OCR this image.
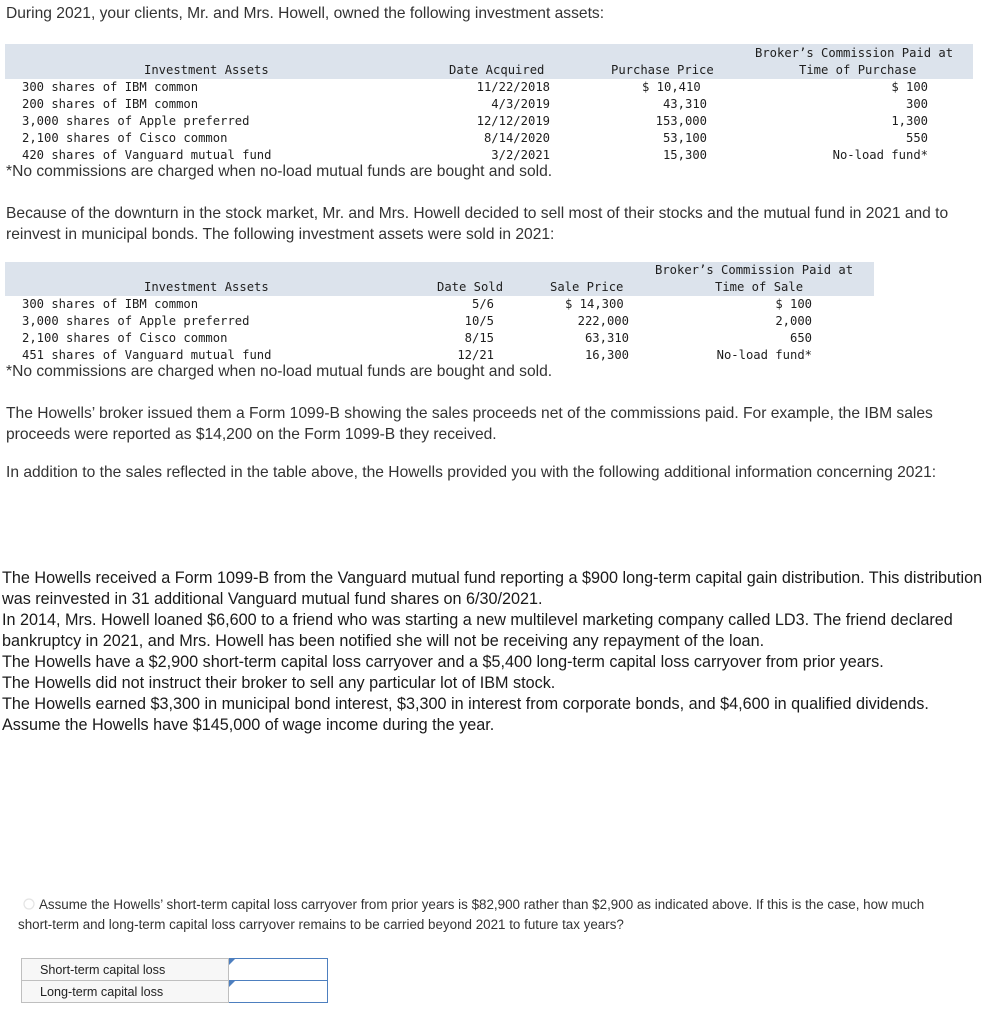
During 2021, your clients, Mr. and Mrs. Howell, owned the following investment assets:
Broker’s Commission Paid at
Investment Assets	Date Acquired	Purchase Price	Time of Purchase
300 shares of IBM common	11/22/2018	$ 10,410	$ 100
200 shares of IBM common	4/3/2019	43,310	300
3,000 shares of Apple preferred	12/12/2019	153,000	1,300
2,100 shares of Cisco common	8/14/2020	53,100	550
420 shares of Vanguard mutual fund	3/2/2021	15,300	No-load fund*
*No commissions are charged when no-load mutual funds are bought and sold.
Because of the downturn in the stock market, Mr. and Mrs. Howell decided to sell most of their stocks and the mutual fund in 2021 and to reinvest in municipal bonds. The following investment assets were sold in 2021:
Broker’s Commission Paid at
Investment Assets	Date Sold	Sale Price	Time of Sale
300 shares of IBM common	5/6	$ 14,300	$ 100
3,000 shares of Apple preferred	10/5	222,000	2,000
2,100 shares of Cisco common	8/15	63,310	650
451 shares of Vanguard mutual fund	12/21	16,300	No-load fund*
*No commissions are charged when no-load mutual funds are bought and sold.
The Howells’ broker issued them a Form 1099-B showing the sales proceeds net of the commissions paid. For example, the IBM sales proceeds were reported as $14,200 on the Form 1099-B they received.
In addition to the sales reflected in the table above, the Howells provided you with the following additional information concerning 2021:

The Howells received a Form 1099-B from the Vanguard mutual fund reporting a $900 long-term capital gain distribution. This distribution was reinvested in 31 additional Vanguard mutual fund shares on 6/30/2021.

In 2014, Mrs. Howell loaned $6,600 to a friend who was starting a new multilevel marketing company called LD3. The friend declared bankruptcy in 2021, and Mrs. Howell has been notified she will not be receiving any repayment of the loan.

The Howells have a $2,900 short-term capital loss carryover and a $5,400 long-term capital loss carryover from prior years.

The Howells did not instruct their broker to sell any particular lot of IBM stock.

The Howells earned $3,300 in municipal bond interest, $3,300 in interest from corporate bonds, and $4,600 in qualified dividends.

Assume the Howells have $145,000 of wage income during the year.

Assume the Howells’ short-term capital loss carryover from prior years is $82,900 rather than $2,900 as indicated above. If this is the case, how much short-term and long-term capital loss carryover remains to be carried beyond 2021 to future tax years?
Short-term capital loss	

Long-term capital loss	
